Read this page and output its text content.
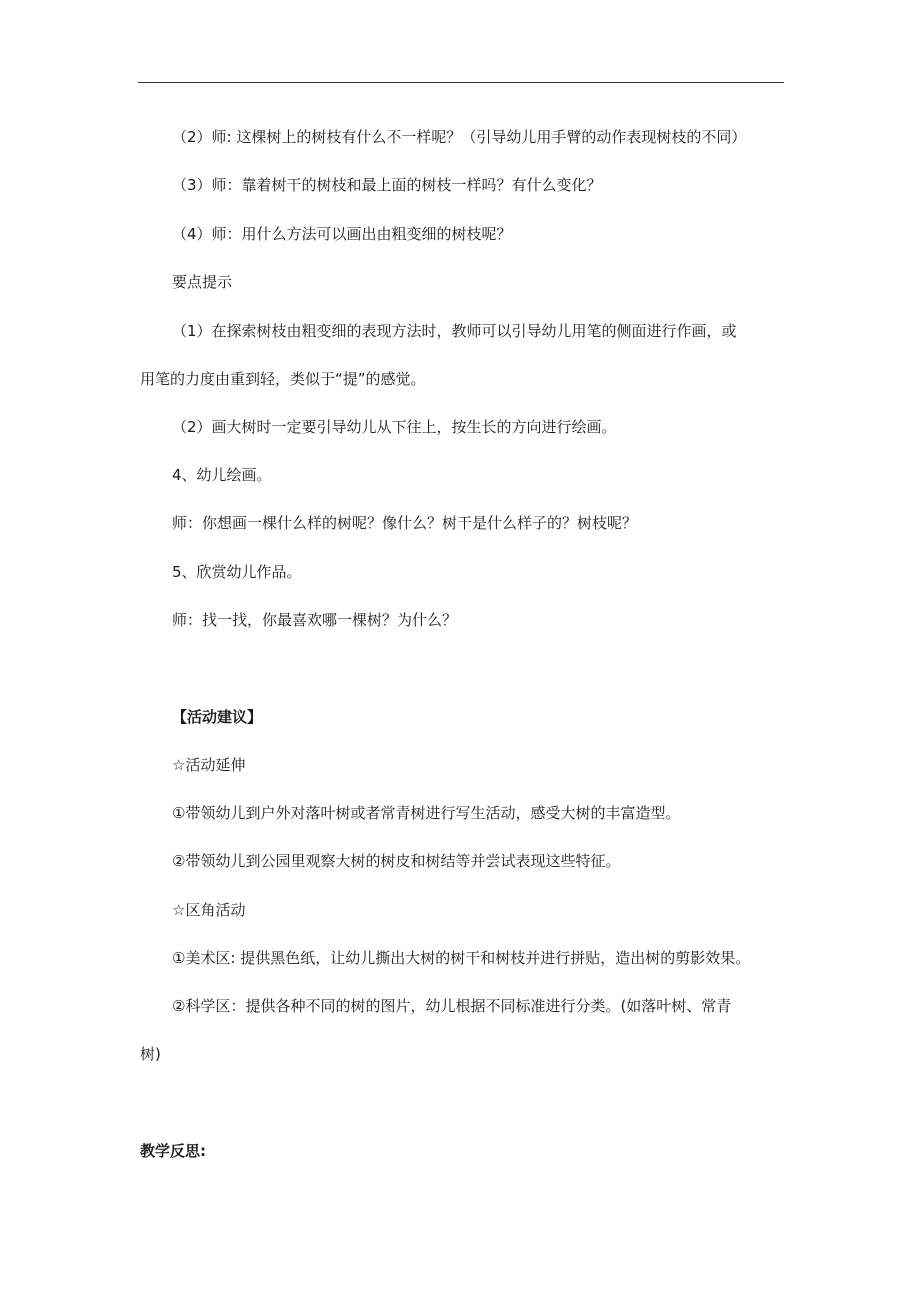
（2）师: 这棵树上的树枝有什么不一样呢？（引导幼儿用手臂的动作表现树枝的不同）

（3）师：靠着树干的树枝和最上面的树枝一样吗？有什么变化？

（4）师：用什么方法可以画出由粗变细的树枝呢？

要点提示

（1）在探索树枝由粗变细的表现方法时，教师可以引导幼儿用笔的侧面进行作画，或

用笔的力度由重到轻，类似于“提”的感觉。

（2）画大树时一定要引导幼儿从下往上，按生长的方向进行绘画。

4、幼儿绘画。

师：你想画一棵什么样的树呢？像什么？树干是什么样子的？树枝呢？

5、欣赏幼儿作品。

师：找一找，你最喜欢哪一棵树？为什么？

【活动建议】

☆活动延伸

①带领幼儿到户外对落叶树或者常青树进行写生活动，感受大树的丰富造型。

②带领幼儿到公园里观察大树的树皮和树结等并尝试表现这些特征。

☆区角活动

①美术区: 提供黑色纸，让幼儿撕出大树的树干和树枝并进行拼贴，造出树的剪影效果。

②科学区：提供各种不同的树的图片，幼儿根据不同标准进行分类。(如落叶树、常青

树)

教学反思:
